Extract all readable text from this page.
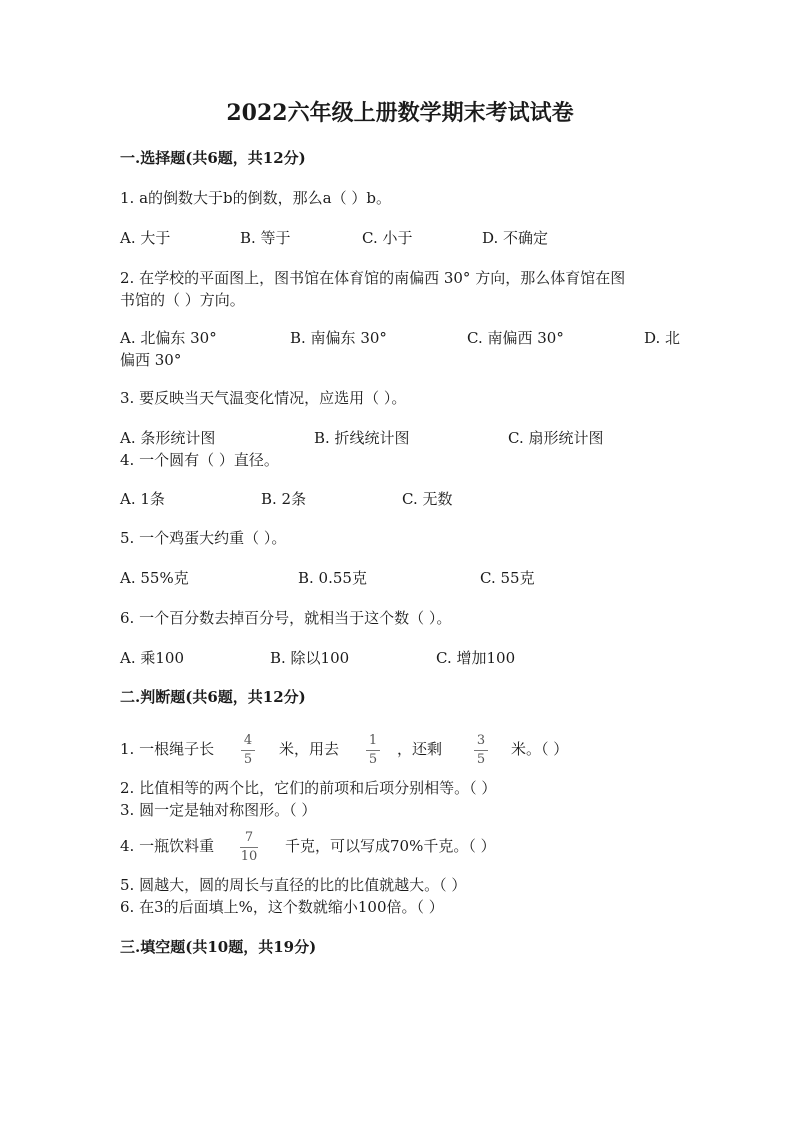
2022六年级上册数学期末考试试卷
一.选择题(共6题，共12分)
1. a的倒数大于b的倒数，那么a（ ）b。
A. 大于	B. 等于	C. 小于	D. 不确定
2. 在学校的平面图上，图书馆在体育馆的南偏西 30° 方向，那么体育馆在图
书馆的（ ）方向。
A. 北偏东 30°	B. 南偏东 30°	C. 南偏西 30°	D. 北
偏西 30°
3. 要反映当天气温变化情况，应选用（ ）。
A. 条形统计图	B. 折线统计图	C. 扇形统计图
4. 一个圆有（ ）直径。
A. 1条	B. 2条	C. 无数
5. 一个鸡蛋大约重（ ）。
A. 55%克	B. 0.55克	C. 55克
6. 一个百分数去掉百分号，就相当于这个数（ ）。
A. 乘100	B. 除以100	C. 增加100
二.判断题(共6题，共12分)
1. 一根绳子长 4
5
米，用去 1
5
，还剩	3
5
米。（ ）
2. 比值相等的两个比，它们的前项和后项分别相等。（ ）
3. 圆一定是轴对称图形。（ ）
4. 一瓶饮料重 7
10
千克，可以写成70%千克。（ ）
5. 圆越大，圆的周长与直径的比的比值就越大。（ ）
6. 在3的后面填上%，这个数就缩小100倍。（ ）
三.填空题(共10题，共19分)
